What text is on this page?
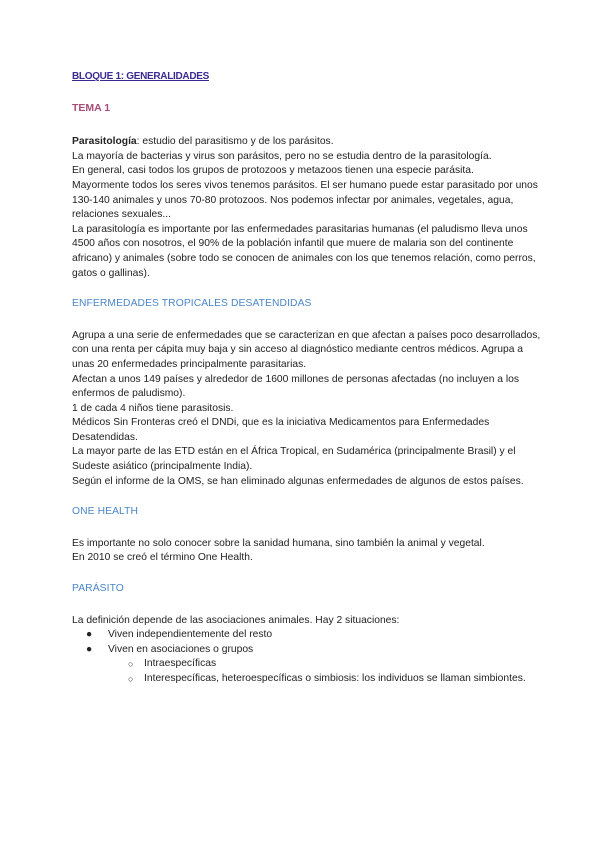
BLOQUE 1: GENERALIDADES
TEMA 1

Parasitología: estudio del parasitismo y de los parásitos.

La mayoría de bacterias y virus son parásitos, pero no se estudia dentro de la parasitología.

En general, casi todos los grupos de protozoos y metazoos tienen una especie parásita.

Mayormente todos los seres vivos tenemos parásitos. El ser humano puede estar parasitado por unos 130-140 animales y unos 70-80 protozoos. Nos podemos infectar por animales, vegetales, agua, relaciones sexuales...

La parasitología es importante por las enfermedades parasitarias humanas (el paludismo lleva unos 4500 años con nosotros, el 90% de la población infantil que muere de malaria son del continente africano) y animales (sobre todo se conocen de animales con los que tenemos relación, como perros, gatos o gallinas).

ENFERMEDADES TROPICALES DESATENDIDAS

Agrupa a una serie de enfermedades que se caracterizan en que afectan a países poco desarrollados, con una renta per cápita muy baja y sin acceso al diagnóstico mediante centros médicos. Agrupa a unas 20 enfermedades principalmente parasitarias.

Afectan a unos 149 países y alrededor de 1600 millones de personas afectadas (no incluyen a los enfermos de paludismo).

1 de cada 4 niños tiene parasitosis.

Médicos Sin Fronteras creó el DNDi, que es la iniciativa Medicamentos para Enfermedades Desatendidas.

La mayor parte de las ETD están en el África Tropical, en Sudamérica (principalmente Brasil) y el Sudeste asiático (principalmente India).

Según el informe de la OMS, se han eliminado algunas enfermedades de algunos de estos países.

ONE HEALTH

Es importante no solo conocer sobre la sanidad humana, sino también la animal y vegetal.

En 2010 se creó el término One Health.

PARÁSITO

La definición depende de las asociaciones animales. Hay 2 situaciones:

● Viven independientemente del resto
● Viven en asociaciones o grupos
○ Intraespecíficas
○ Interespecíficas, heteroespecíficas o simbiosis: los individuos se llaman simbiontes.
